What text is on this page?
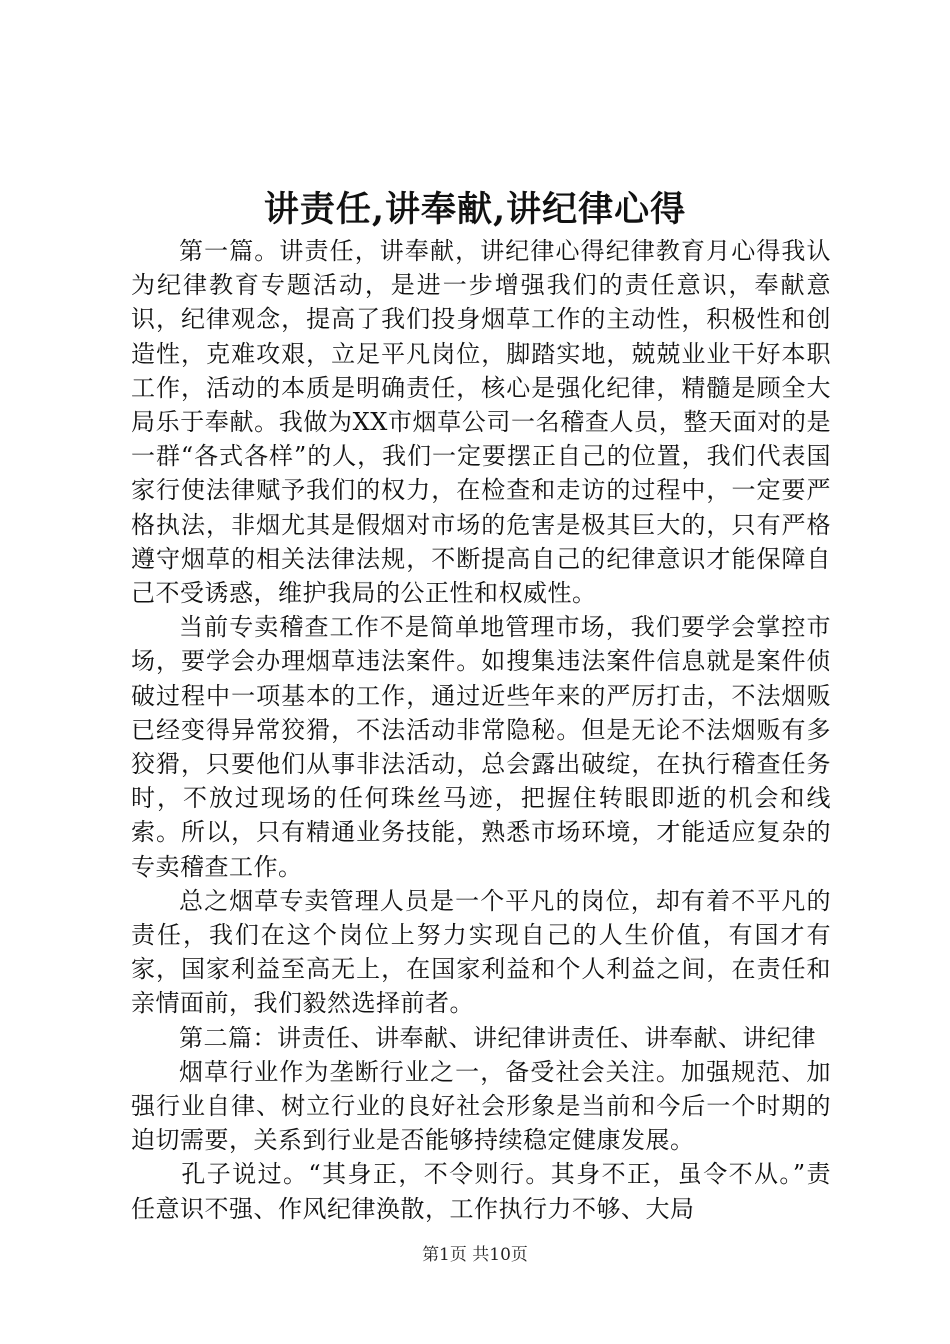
讲责任,讲奉献,讲纪律心得

第一篇。讲责任，讲奉献，讲纪律心得纪律教育月心得我认为纪律教育专题活动，是进一步增强我们的责任意识，奉献意识，纪律观念，提高了我们投身烟草工作的主动性，积极性和创造性，克难攻艰，立足平凡岗位，脚踏实地，兢兢业业干好本职工作，活动的本质是明确责任，核心是强化纪律，精髓是顾全大局乐于奉献。我做为XX市烟草公司一名稽查人员，整天面对的是一群“各式各样”的人，我们一定要摆正自己的位置，我们代表国家行使法律赋予我们的权力，在检查和走访的过程中，一定要严格执法，非烟尤其是假烟对市场的危害是极其巨大的，只有严格遵守烟草的相关法律法规，不断提高自己的纪律意识才能保障自己不受诱惑，维护我局的公正性和权威性。

当前专卖稽查工作不是简单地管理市场，我们要学会掌控市场，要学会办理烟草违法案件。如搜集违法案件信息就是案件侦破过程中一项基本的工作，通过近些年来的严厉打击，不法烟贩已经变得异常狡猾，不法活动非常隐秘。但是无论不法烟贩有多狡猾，只要他们从事非法活动，总会露出破绽，在执行稽查任务时，不放过现场的任何珠丝马迹，把握住转眼即逝的机会和线索。所以，只有精通业务技能，熟悉市场环境，才能适应复杂的专卖稽查工作。

总之烟草专卖管理人员是一个平凡的岗位，却有着不平凡的责任，我们在这个岗位上努力实现自己的人生价值，有国才有家，国家利益至高无上，在国家利益和个人利益之间，在责任和亲情面前，我们毅然选择前者。

第二篇：讲责任、讲奉献、讲纪律讲责任、讲奉献、讲纪律

烟草行业作为垄断行业之一，备受社会关注。加强规范、加强行业自律、树立行业的良好社会形象是当前和今后一个时期的迫切需要，关系到行业是否能够持续稳定健康发展。

孔子说过。“其身正，不令则行。其身不正，虽令不从。”责任意识不强、作风纪律涣散，工作执行力不够、大局

第1页 共10页
